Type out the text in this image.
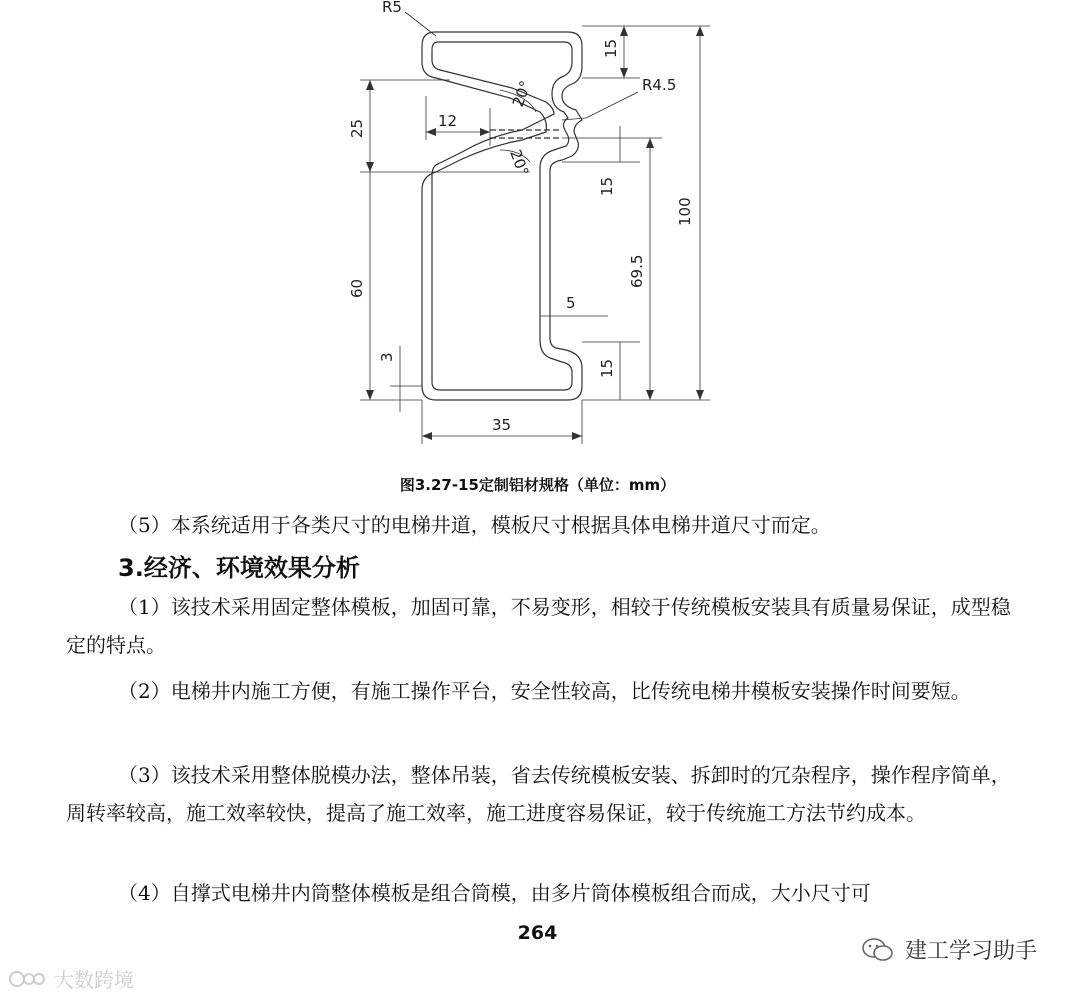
R5
R4.5
15
20°
25	12
20°
15
100
60
69.5
5
3
15
35
图3.27-15定制铝材规格（单位：mm）
（5）本系统适用于各类尺寸的电梯井道，模板尺寸根据具体电梯井道尺寸而定。
3.经济、环境效果分析
（1）该技术采用固定整体模板，加固可靠，不易变形，相较于传统模板安装具有质量易保证，成型稳定的特点。
（2）电梯井内施工方便，有施工操作平台，安全性较高，比传统电梯井模板安装操作时间要短。
（3）该技术采用整体脱模办法，整体吊装，省去传统模板安装、拆卸时的冗杂程序，操作程序简单，周转率较高，施工效率较快，提高了施工效率，施工进度容易保证，较于传统施工方法节约成本。
（4）自撑式电梯井内筒整体模板是组合筒模，由多片筒体模板组合而成，大小尺寸可
264
建工学习助手
大数跨境
